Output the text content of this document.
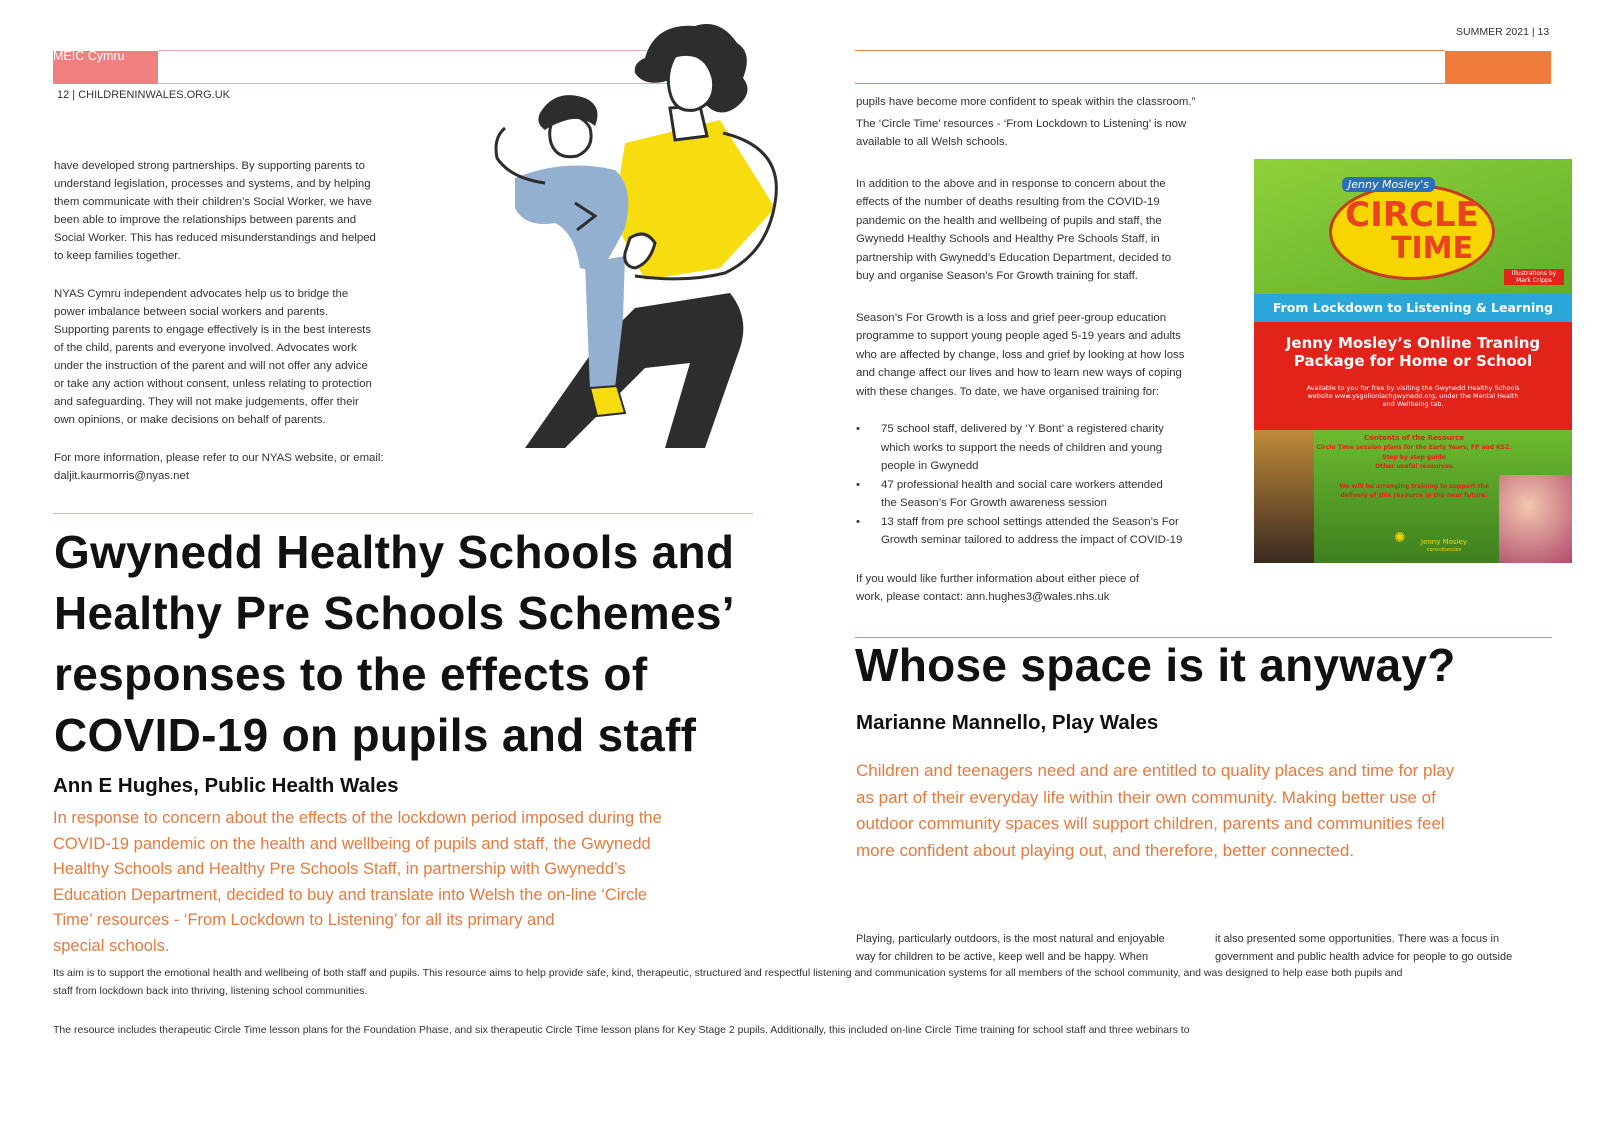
MEIC Cymru
12 | CHILDRENINWALES.ORG.UK
have developed strong partnerships. By supporting parents to
understand legislation, processes and systems, and by helping
them communicate with their children’s Social Worker, we have
been able to improve the relationships between parents and
Social Worker. This has reduced misunderstandings and helped
to keep families together.
NYAS Cymru independent advocates help us to bridge the
power imbalance between social workers and parents.
Supporting parents to engage effectively is in the best interests
of the child, parents and everyone involved. Advocates work
under the instruction of the parent and will not offer any advice
or take any action without consent, unless relating to protection
and safeguarding. They will not make judgements, offer their
own opinions, or make decisions on behalf of parents.
For more information, please refer to our NYAS website, or email:
daljit.kaurmorris@nyas.net
Gwynedd Healthy Schools and
Healthy Pre Schools Schemes’
responses to the effects of
COVID-19 on pupils and staff
Ann E Hughes, Public Health Wales
In response to concern about the effects of the lockdown period imposed during the
COVID-19 pandemic on the health and wellbeing of pupils and staff, the Gwynedd
Healthy Schools and Healthy Pre Schools Staff, in partnership with Gwynedd’s
Education Department, decided to buy and translate into Welsh the on-line ‘Circle
Time’ resources - ‘From Lockdown to Listening’ for all its primary and
special schools.
SUMMER 2021 | 13
pupils have become more confident to speak within the classroom.”
The ‘Circle Time’ resources - ‘From Lockdown to Listening’ is now
available to all Welsh schools.
In addition to the above and in response to concern about the
effects of the number of deaths resulting from the COVID-19
pandemic on the health and wellbeing of pupils and staff, the
Gwynedd Healthy Schools and Healthy Pre Schools Staff, in
partnership with Gwynedd’s Education Department, decided to
buy and organise Season’s For Growth training for staff.
Season’s For Growth is a loss and grief peer-group education
programme to support young people aged 5-19 years and adults
who are affected by change, loss and grief by looking at how loss
and change affect our lives and how to learn new ways of coping
with these changes. To date, we have organised training for:
• 75 school staff, delivered by ‘Y Bont’ a registered charity
which works to support the needs of children and young
people in Gwynedd
• 47 professional health and social care workers attended
the Season’s For Growth awareness session
• 13 staff from pre school settings attended the Season’s For
Growth seminar tailored to address the impact of COVID-19
If you would like further information about either piece of
work, please contact: ann.hughes3@wales.nhs.uk
Jenny Mosley's
CIRCLE
TIME
Illustrations by Mark Cripps
From Lockdown to Listening & Learning
Jenny Mosley’s Online Traning
Package for Home or School
Available to you for free by visiting the Gwynedd Healthy Schools
website www.ysgolionlachgwynedd.org, under the Mental Health
and Wellbeing tab.
Contents of the Resource
Circle Time session plans for the Early Years, FP and KS2.
Step by step guide
Other useful resources
We will be arranging training to support the
delivery of this resource in the near future.
✺	Jenny Mosley
consultancies
Whose space is it anyway?
Marianne Mannello, Play Wales
Children and teenagers need and are entitled to quality places and time for play
as part of their everyday life within their own community. Making better use of
outdoor community spaces will support children, parents and communities feel
more confident about playing out, and therefore, better connected.
Playing, particularly outdoors, is the most natural and enjoyable
way for children to be active, keep well and be happy. When
it also presented some opportunities. There was a focus in
government and public health advice for people to go outside
Its aim is to support the emotional health and wellbeing of both staff and pupils. This resource aims to help provide safe, kind, therapeutic, structured and respectful listening and communication systems for all members of the school community, and was designed to help ease both pupils and
staff from lockdown back into thriving, listening school communities.
The resource includes therapeutic Circle Time lesson plans for the Foundation Phase, and six therapeutic Circle Time lesson plans for Key Stage 2 pupils. Additionally, this included on-line Circle Time training for school staff and three webinars to
